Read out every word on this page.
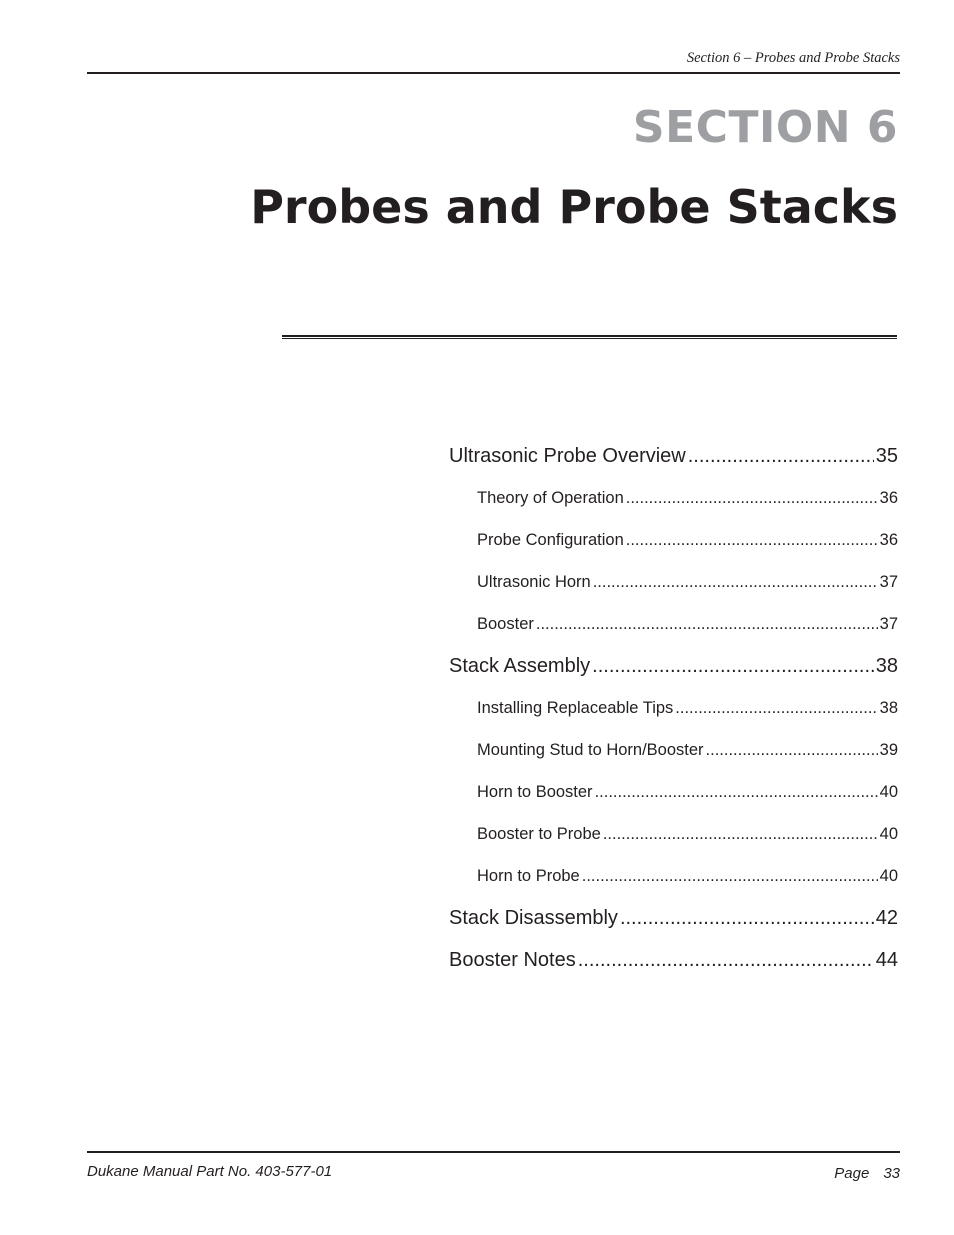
Section 6 – Probes and Probe Stacks
SECTION 6
Probes and Probe Stacks
Ultrasonic Probe Overview .....	35
Theory of Operation .....	36
Probe Configuration .....	36
Ultrasonic Horn .....	37
Booster .....	37
Stack Assembly .....	38
Installing Replaceable Tips .....	38
Mounting Stud to Horn/Booster .....	39
Horn to Booster .....	40
Booster to Probe .....	40
Horn to Probe .....	40
Stack Disassembly .....	42
Booster Notes .....	44
Dukane Manual Part No. 403-577-01	Page 33
